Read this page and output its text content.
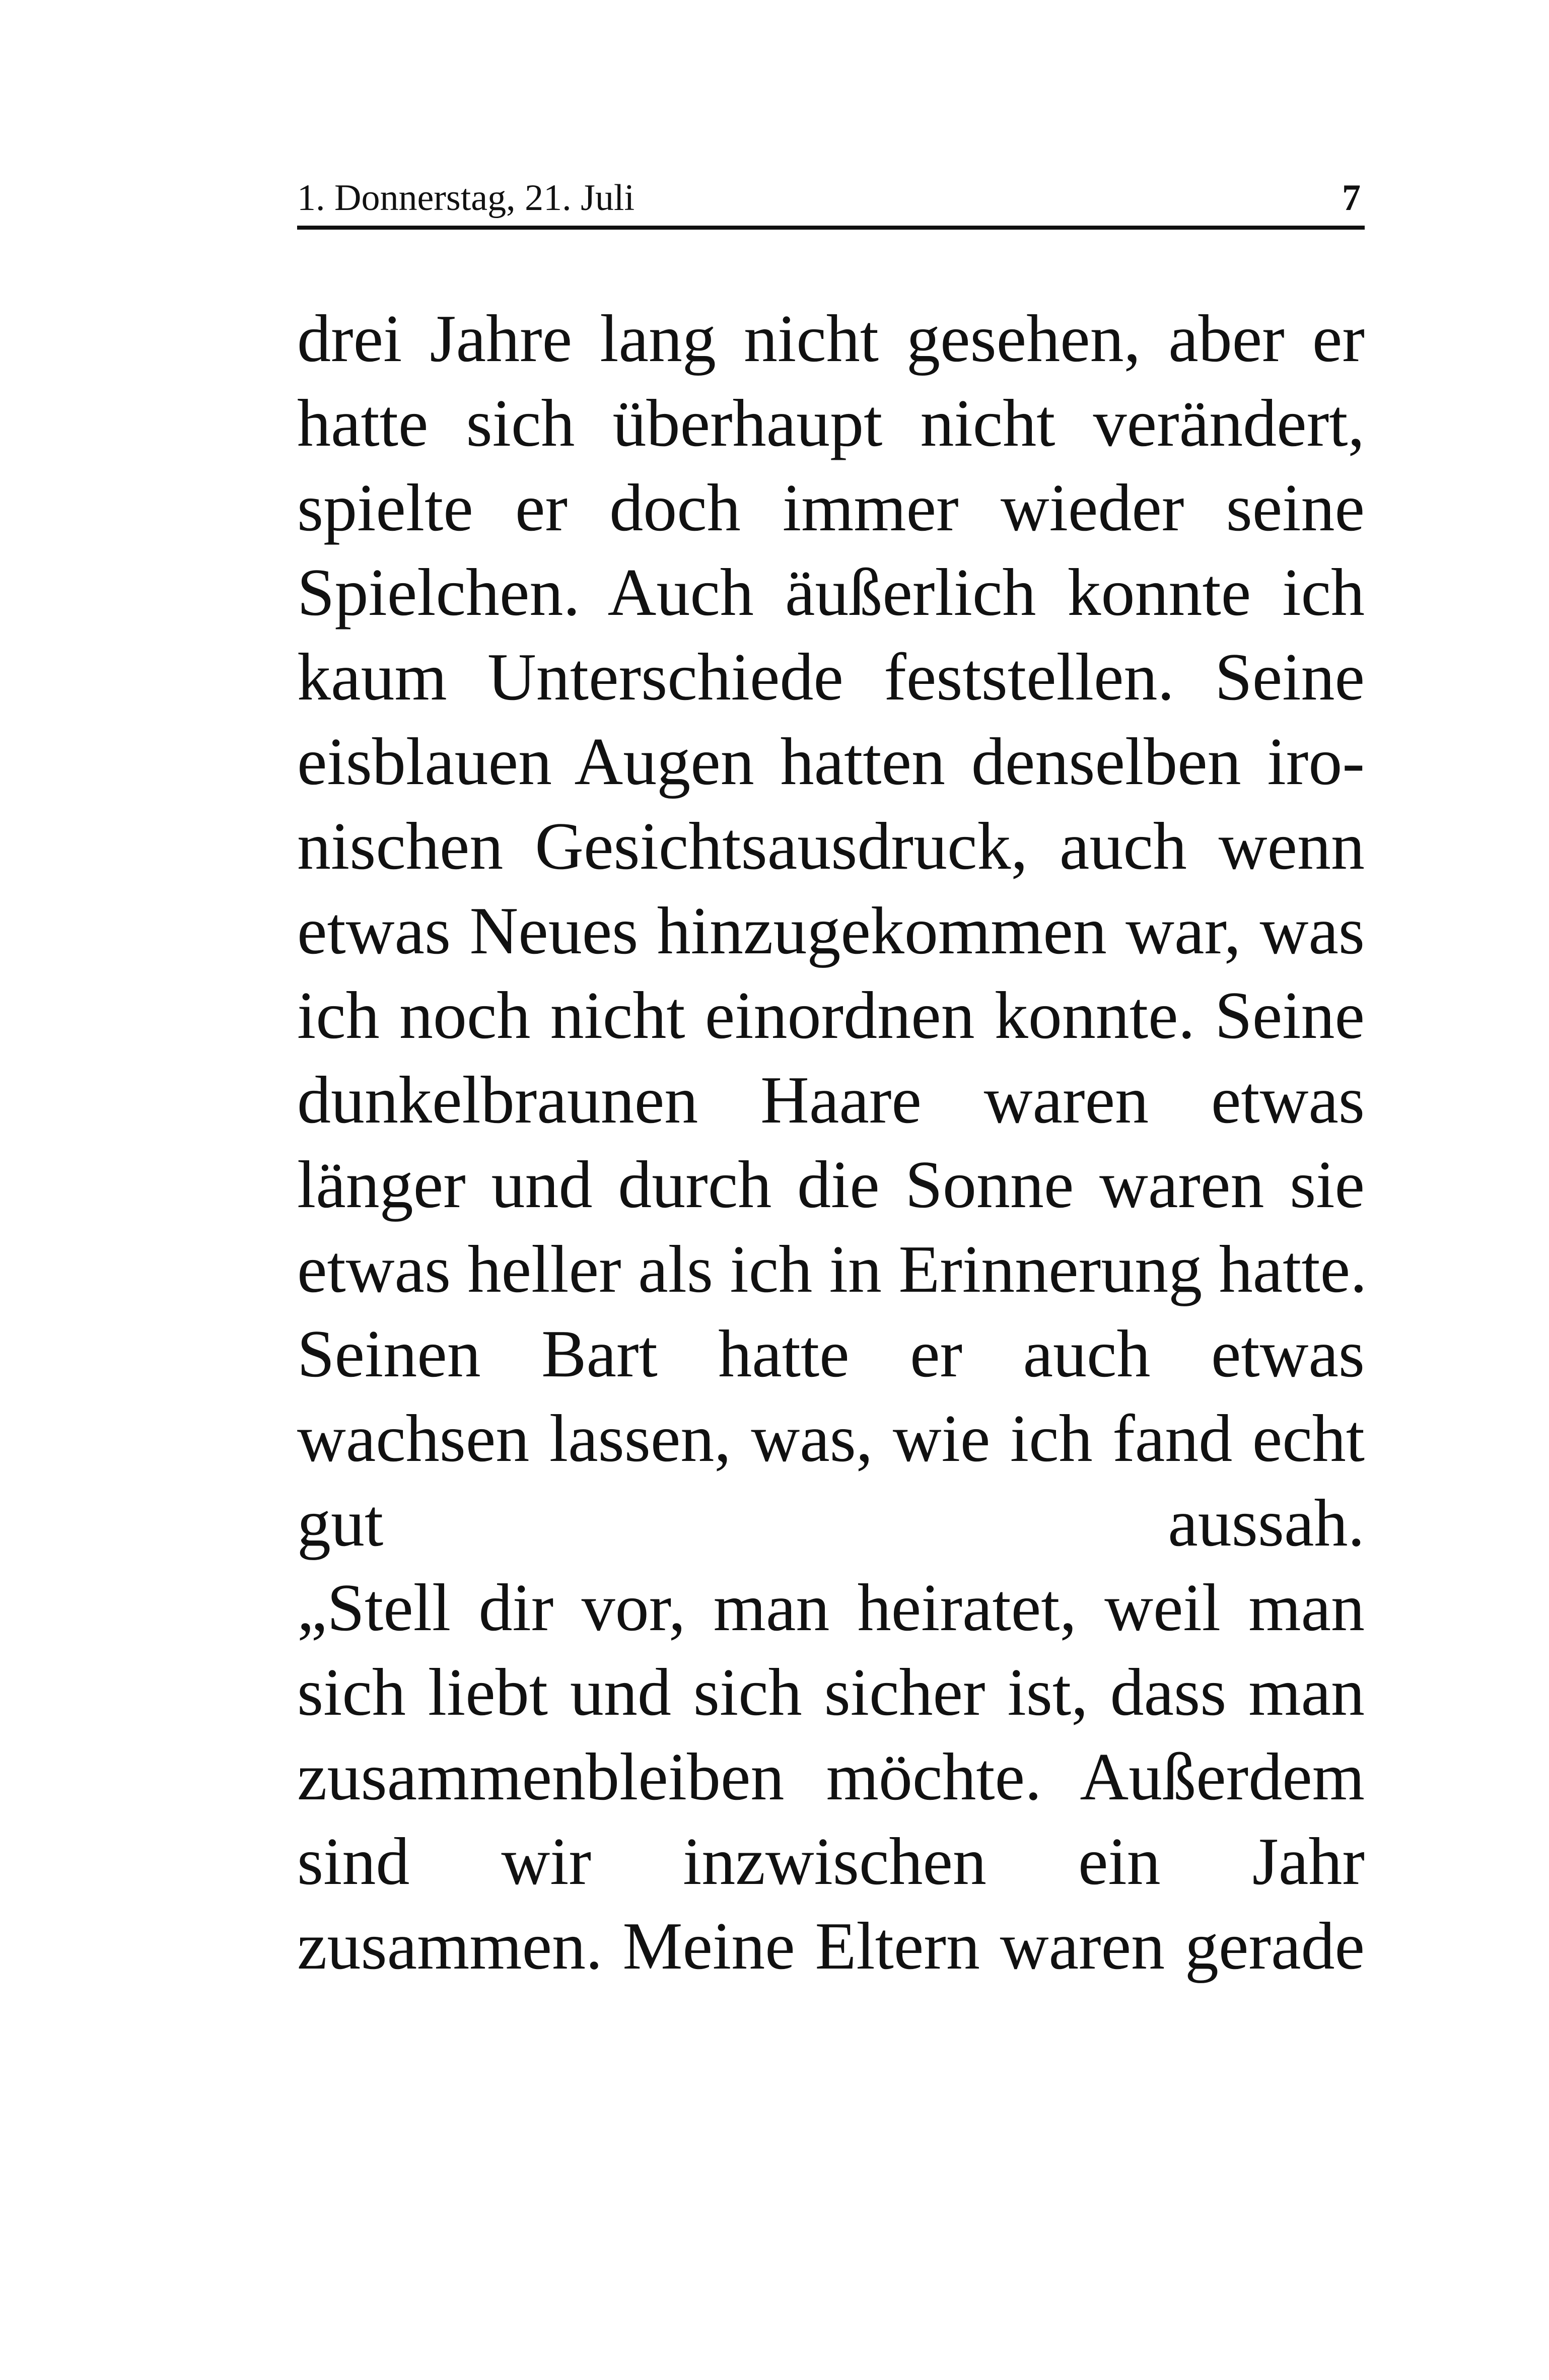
1. Donnerstag, 21. Juli	7
drei Jahre lang nicht gesehen, aber er
hatte sich überhaupt nicht verändert,
spielte er doch immer wieder seine
Spielchen. Auch äußerlich konnte ich
kaum Unterschiede feststellen. Seine
eisblauen Augen hatten denselben iro-
nischen Gesichtsausdruck, auch wenn
etwas Neues hinzugekommen war, was
ich noch nicht einordnen konnte. Seine
dunkelbraunen Haare waren etwas
länger und durch die Sonne waren sie
etwas heller als ich in Erinnerung hatte.
Seinen Bart hatte er auch etwas
wachsen lassen, was, wie ich fand echt
gut aussah.
„Stell dir vor, man heiratet, weil man
sich liebt und sich sicher ist, dass man
zusammenbleiben möchte. Außerdem
sind wir inzwischen ein Jahr
zusammen. Meine Eltern waren gerade
